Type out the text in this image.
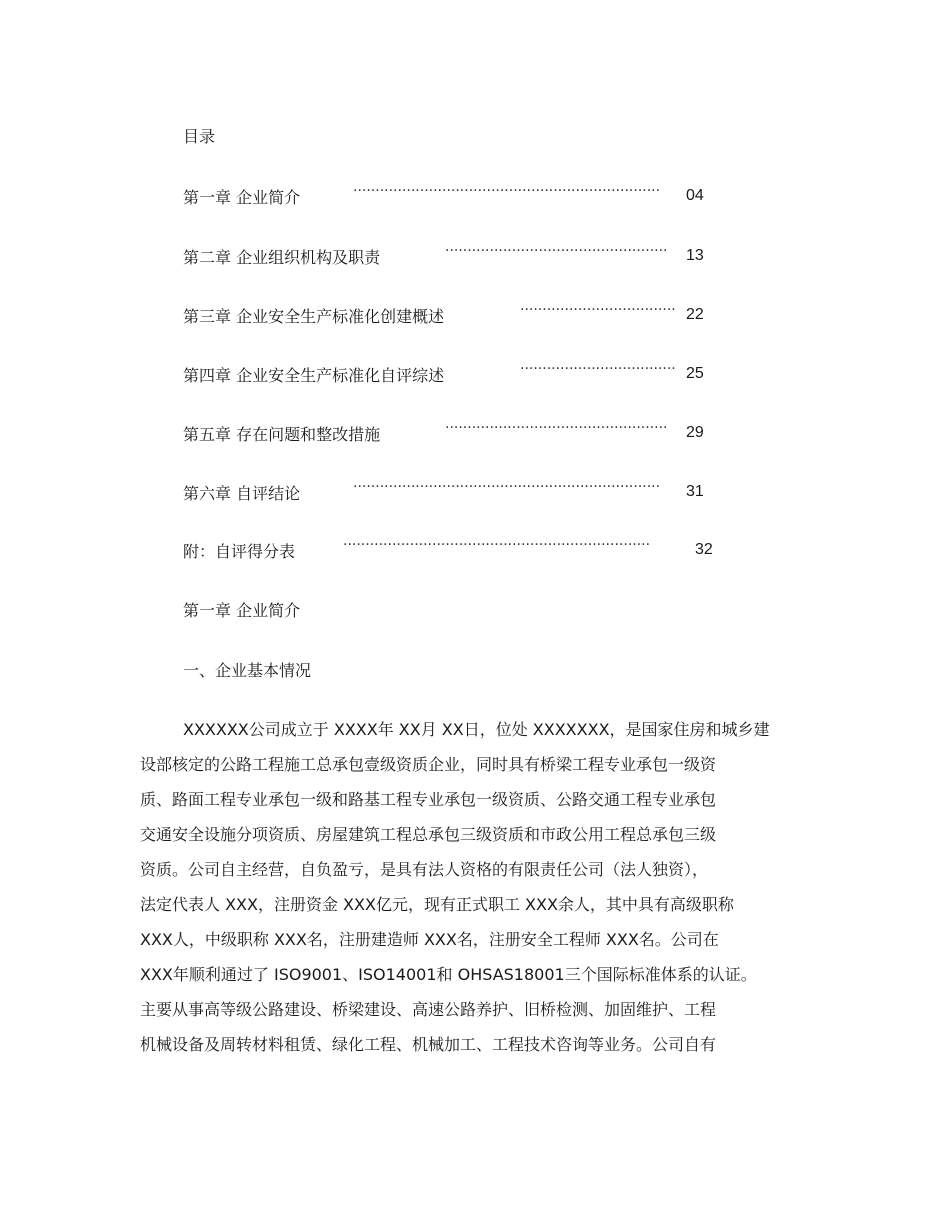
目录
第一章 企业简介	····································································· 04
第二章 企业组织机构及职责	·················································· 13
第三章 企业安全生产标准化创建概述	··································· 22
第四章 企业安全生产标准化自评综述	··································· 25
第五章 存在问题和整改措施	·················································· 29
第六章 自评结论	····································································· 31
附：自评得分表	·····································································	32
第一章 企业简介
一、企业基本情况
XXXXXX公司成立于 XXXX年 XX月 XX日，位处 XXXXXXX，是国家住房和城乡建
设部核定的公路工程施工总承包壹级资质企业，同时具有桥梁工程专业承包一级资
质、路面工程专业承包一级和路基工程专业承包一级资质、公路交通工程专业承包
交通安全设施分项资质、房屋建筑工程总承包三级资质和市政公用工程总承包三级
资质。公司自主经营，自负盈亏，是具有法人资格的有限责任公司（法人独资），
法定代表人 XXX，注册资金 XXX亿元，现有正式职工 XXX余人，其中具有高级职称
XXX人，中级职称 XXX名，注册建造师 XXX名，注册安全工程师 XXX名。公司在
XXX年顺利通过了 ISO9001、ISO14001和 OHSAS18001三个国际标准体系的认证。
主要从事高等级公路建设、桥梁建设、高速公路养护、旧桥检测、加固维护、工程
机械设备及周转材料租赁、绿化工程、机械加工、工程技术咨询等业务。公司自有
